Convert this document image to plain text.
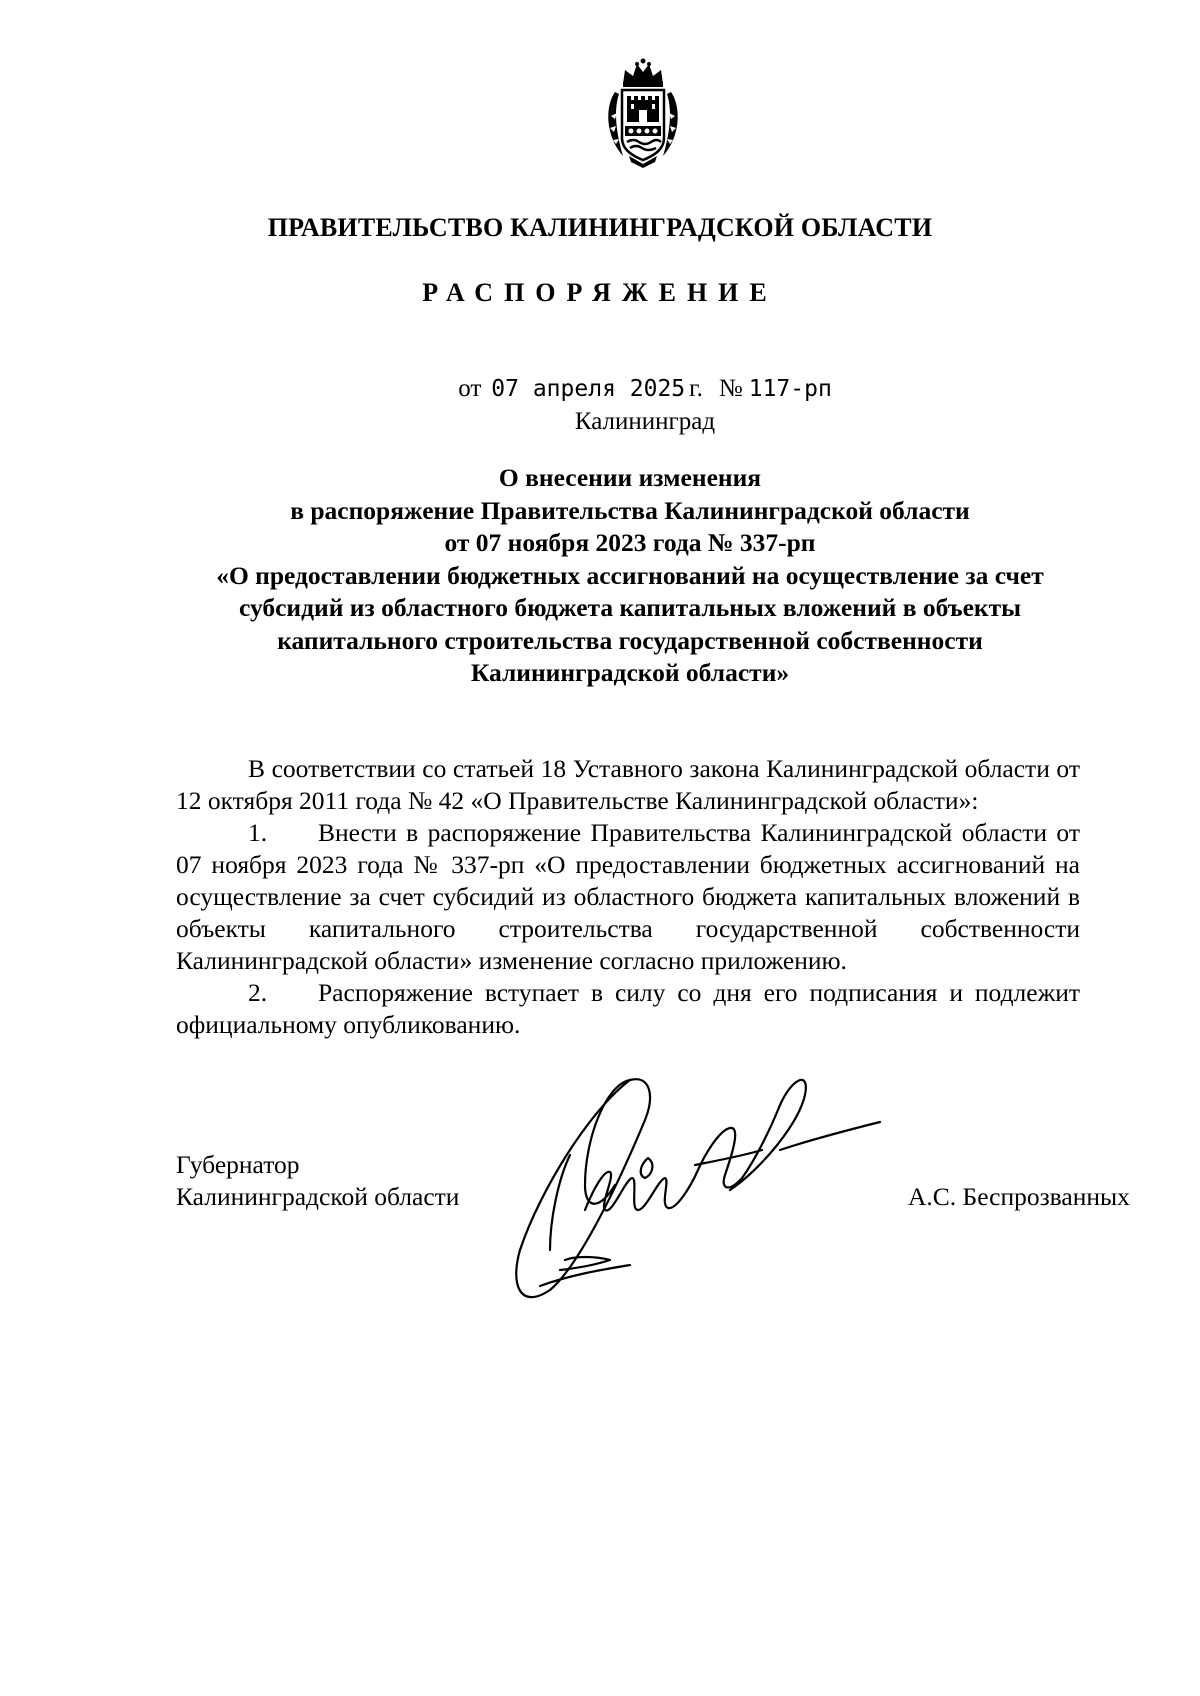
ПРАВИТЕЛЬСТВО КАЛИНИНГРАДСКОЙ ОБЛАСТИ
РАСПОРЯЖЕНИЕ
от 07 апреля 2025 г. № 117-рп
Калининград
О внесении изменения
в распоряжение Правительства Калининградской области
от 07 ноября 2023 года № 337-рп
«О предоставлении бюджетных ассигнований на осуществление за счет
субсидий из областного бюджета капитальных вложений в объекты
капитального строительства государственной собственности
Калининградской области»

В соответствии со статьей 18 Уставного закона Калининградской области от 12 октября 2011 года № 42 «О Правительстве Калининградской области»:

1. Внести в распоряжение Правительства Калининградской области от 07 ноября 2023 года № 337-рп «О предоставлении бюджетных ассигнований на осуществление за счет субсидий из областного бюджета капитальных вложений в объекты капитального строительства государственной собственности Калининградской области» изменение согласно приложению.

2. Распоряжение вступает в силу со дня его подписания и подлежит официальному опубликованию.

Губернатор
Калининградской области	А.С. Беспрозванных
